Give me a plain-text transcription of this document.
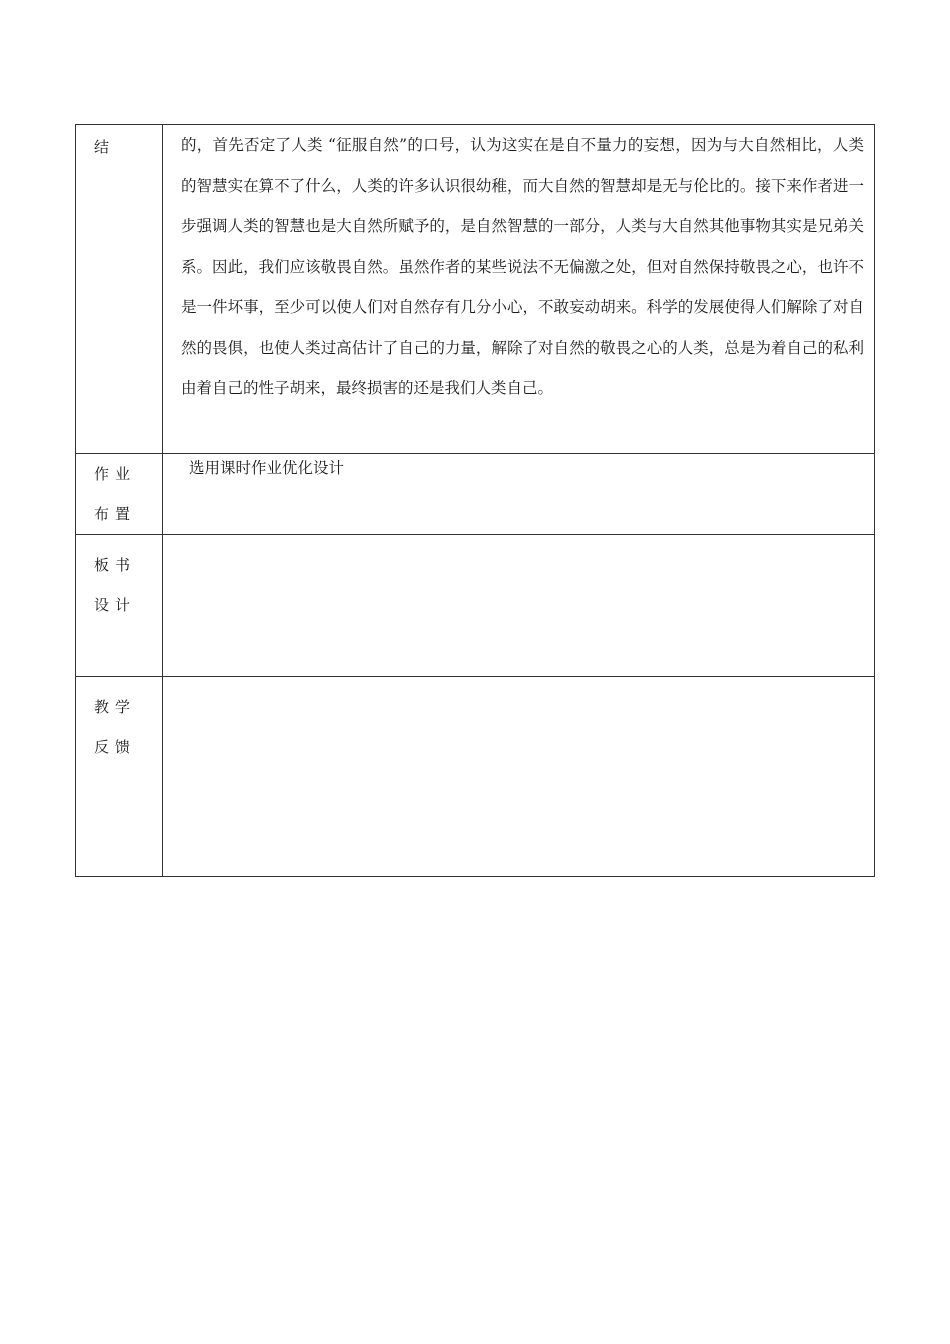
结	的，首先否定了人类 “征服自然”的口号，认为这实在是自不量力的妄想，因为与大自然相比，人类的智慧实在算不了什么，人类的许多认识很幼稚，而大自然的智慧却是无与伦比的。接下来作者进一步强调人类的智慧也是大自然所赋予的，是自然智慧的一部分，人类与大自然其他事物其实是兄弟关系。因此，我们应该敬畏自然。虽然作者的某些说法不无偏激之处，但对自然保持敬畏之心，也许不是一件坏事，至少可以使人们对自然存有几分小心，不敢妄动胡来。科学的发展使得人们解除了对自然的畏俱，也使人类过高估计了自己的力量，解除了对自然的敬畏之心的人类，总是为着自己的私利由着自己的性子胡来，最终损害的还是我们人类自己。
作业布置	选用课时作业优化设计
板书设计	
教学反馈	
